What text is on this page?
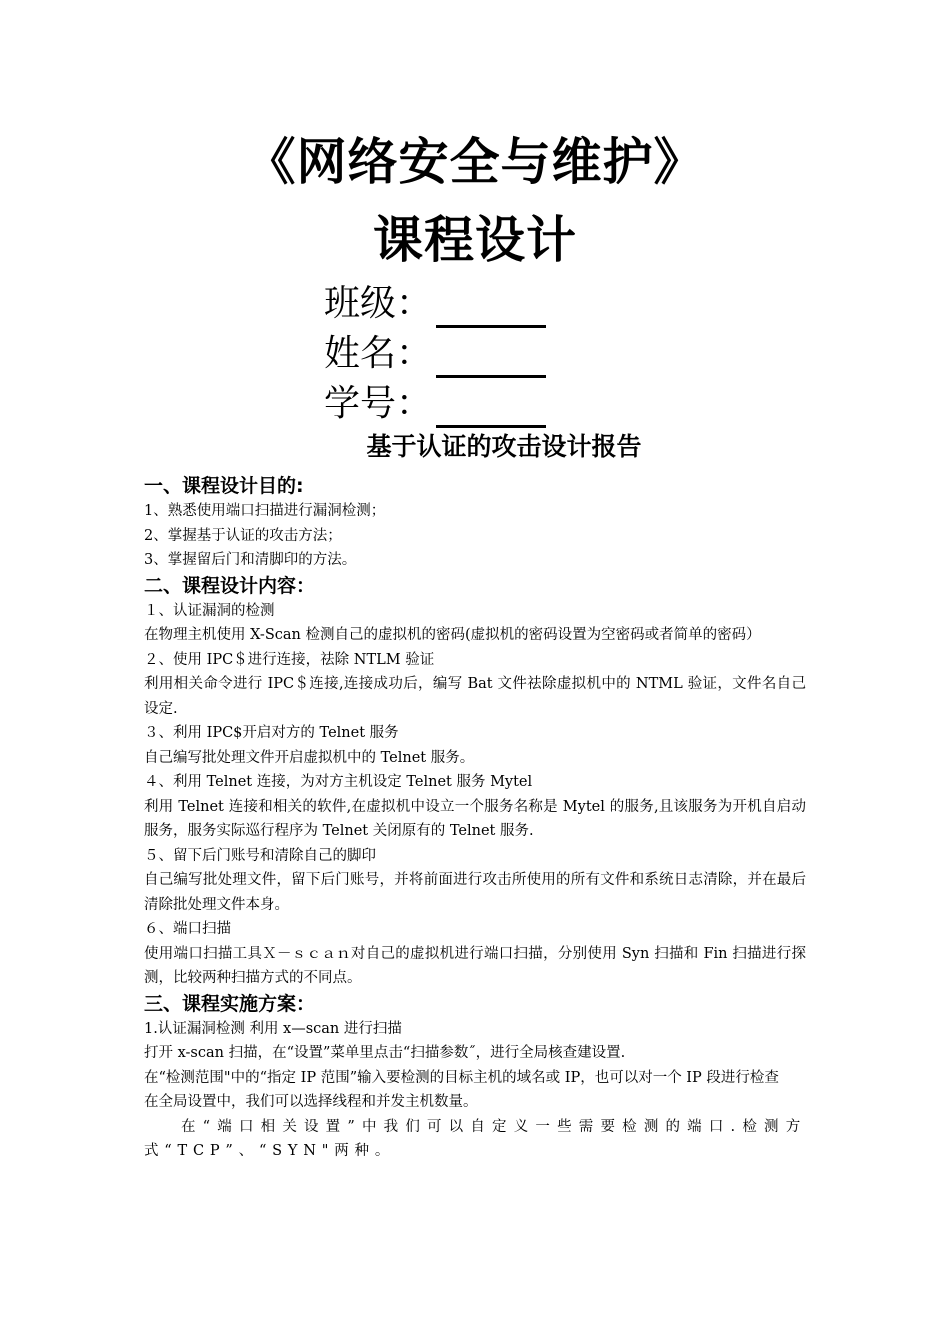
《网络安全与维护》
课程设计
班级：
姓名：
学号：
基于认证的攻击设计报告
一、课程设计目的:
1、熟悉使用端口扫描进行漏洞检测；
2、掌握基于认证的攻击方法；
3、掌握留后门和清脚印的方法。
二、课程设计内容：
１、认证漏洞的检测
在物理主机使用 X-Scan 检测自己的虚拟机的密码(虚拟机的密码设置为空密码或者简单的密码）
２、使用 IPC＄进行连接，祛除 NTLM 验证
利用相关命令进行 IPC＄连接,连接成功后，编写 Bat 文件祛除虚拟机中的 NTML 验证，文件名自己设定.
３、利用 IPC$开启对方的 Telnet 服务
自己编写批处理文件开启虚拟机中的 Telnet 服务。
４、利用 Telnet 连接，为对方主机设定 Telnet 服务 Mytel
利用 Telnet 连接和相关的软件,在虚拟机中设立一个服务名称是 Mytel 的服务,且该服务为开机自启动服务，服务实际巡行程序为 Telnet 关闭原有的 Telnet 服务.
５、留下后门账号和清除自己的脚印
自己编写批处理文件，留下后门账号，并将前面进行攻击所使用的所有文件和系统日志清除，并在最后清除批处理文件本身。
６、端口扫描
使用端口扫描工具Ｘ－ｓｃａｎ对自己的虚拟机进行端口扫描，分别使用 Syn 扫描和 Fin 扫描进行探测，比较两种扫描方式的不同点。
三、课程实施方案：
1.认证漏洞检测 利用 x—scan 进行扫描
打开 x-scan 扫描，在“设置”菜单里点击“扫描参数˝，进行全局核查建设置.
在“检测范围"中的“指定 IP 范围”输入要检测的目标主机的域名或 IP，也可以对一个 IP 段进行检查
在全局设置中，我们可以选择线程和并发主机数量。
在“端口相关设置”中我们可以自定义一些需要检测的端口.检测方式“TCP”、“SYN"两种。
